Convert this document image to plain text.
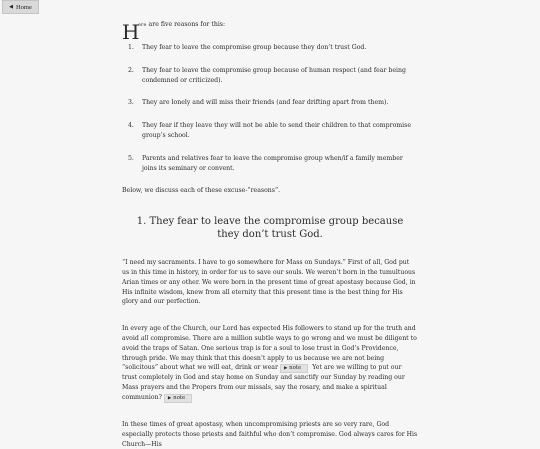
◀ Home
H
ere are five reasons for this:
1. They fear to leave the compromise group because they don’t trust God.
2. They fear to leave the compromise group because of human respect (and fear being condemned or criticized).
3. They are lonely and will miss their friends (and fear drifting apart from them).
4. They fear if they leave they will not be able to send their children to that compromise group’s school.
5. Parents and relatives fear to leave the compromise group when/if a family member joins its seminary or convent.

Below, we discuss each of these excuse-“reasons”.

1. They fear to leave the compromise group because they don’t trust God.

“I need my sacraments. I have to go somewhere for Mass on Sundays.” First of all, God put us in this time in history, in order for us to save our souls. We weren’t born in the tumultuous Arian times or any other. We were born in the present time of great apostasy because God, in His infinite wisdom, knew from all eternity that this present time is the best thing for His glory and our perfection.

In every age of the Church, our Lord has expected His followers to stand up for the truth and avoid all compromise. There are a million subtle ways to go wrong and we must be diligent to avoid the traps of Satan. One serious trap is for a soul to lose trust in God’s Providence, through pride. We may think that this doesn’t apply to us because we are not being “solicitous” about what we will eat, drink or wear ▶ note Yet are we willing to put our trust completely in God and stay home on Sunday and sanctify our Sunday by reading our Mass prayers and the Propers from our missals, say the rosary, and make a spiritual communion? ▶ note

In these times of great apostasy, when uncompromising priests are so very rare, God especially protects those priests and faithful who don’t compromise. God always cares for His Church—His
